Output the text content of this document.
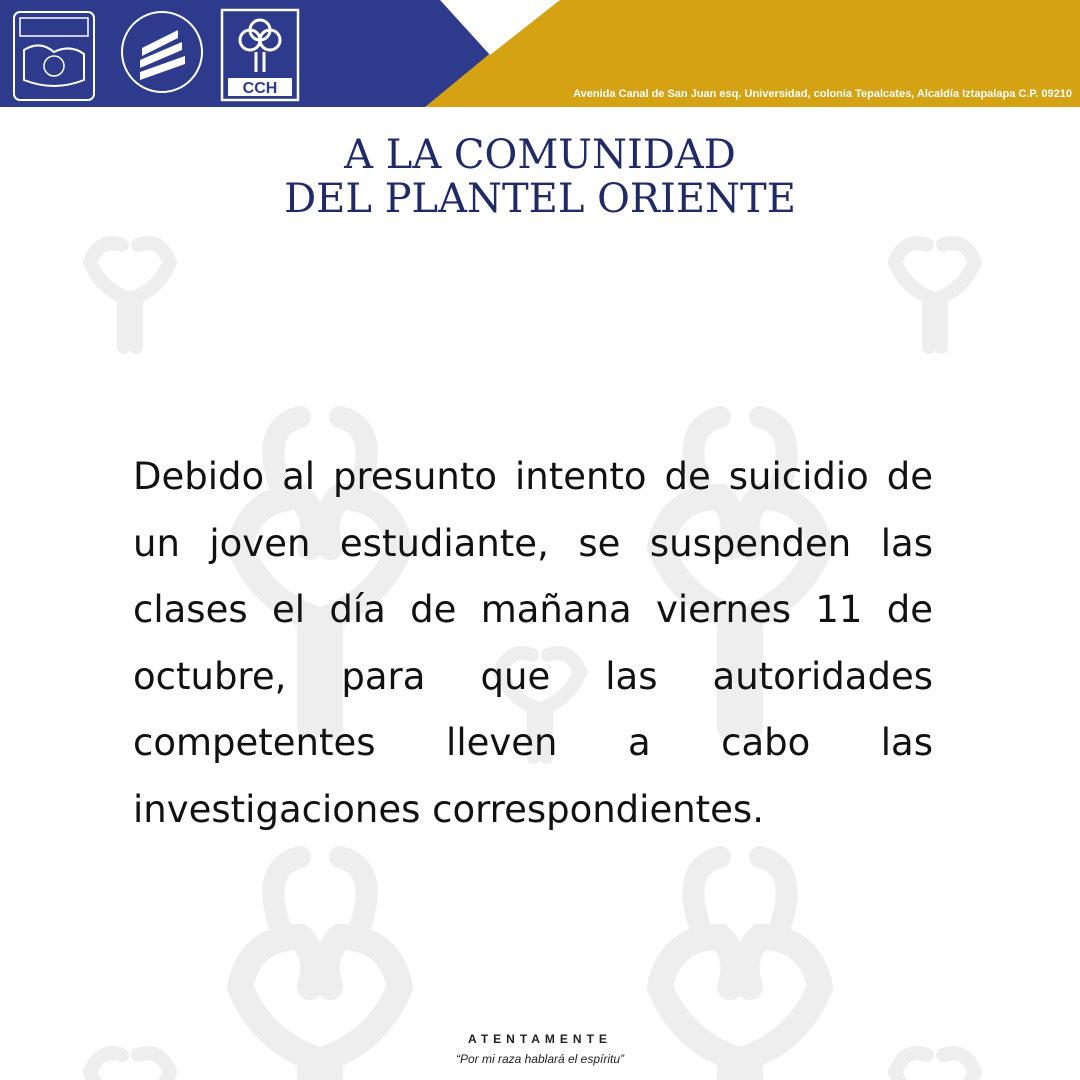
CCH	Avenida Canal de San Juan esq. Universidad, colonia Tepalcates, Alcaldía Iztapalapa C.P. 09210
A LA COMUNIDAD
DEL PLANTEL ORIENTE
Debido al presunto intento de suicidio de un joven estudiante, se suspenden las clases el día de mañana viernes 11 de octubre, para que las autoridades competentes lleven a cabo las investigaciones correspondientes.
ATENTAMENTE
“Por mi raza hablará el espíritu”
